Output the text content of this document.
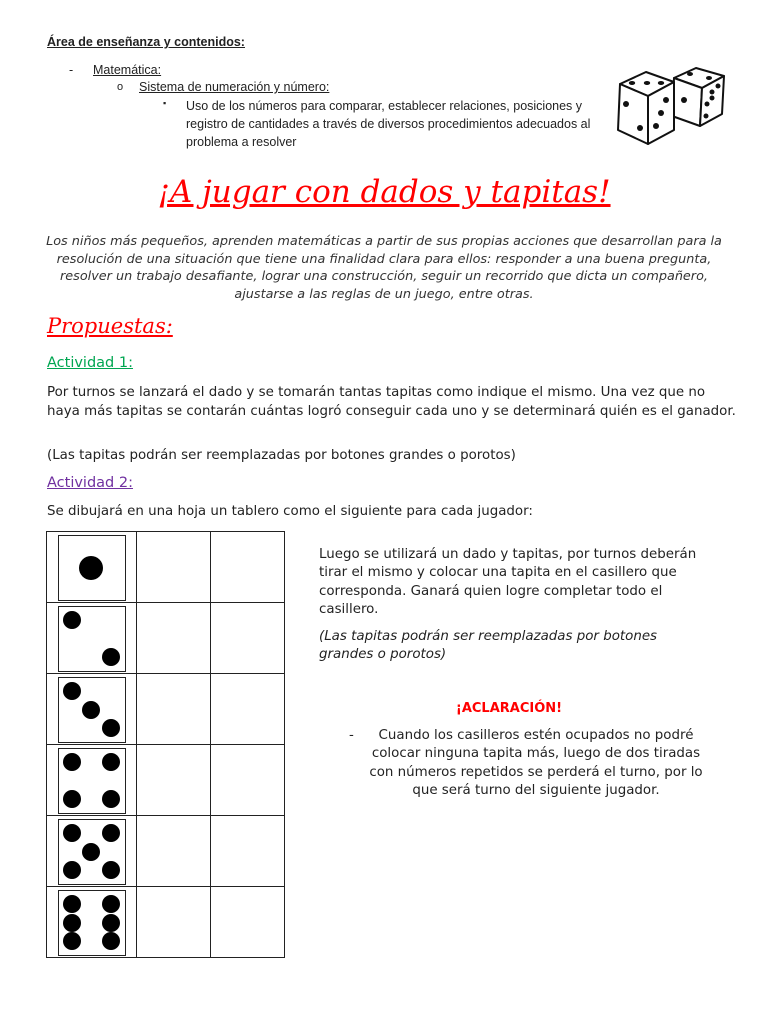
Área de enseñanza y contenidos:
- Matemática:
o Sistema de numeración y número:
▪ Uso de los números para comparar, establecer relaciones, posiciones y registro de cantidades a través de diversos procedimientos adecuados al problema a resolver
¡A jugar con dados y tapitas!
Los niños más pequeños, aprenden matemáticas a partir de sus propias acciones que desarrollan para la resolución de una situación que tiene una finalidad clara para ellos: responder a una buena pregunta, resolver un trabajo desafiante, lograr una construcción, seguir un recorrido que dicta un compañero, ajustarse a las reglas de un juego, entre otras.
Propuestas:
Actividad 1:
Por turnos se lanzará el dado y se tomarán tantas tapitas como indique el mismo. Una vez que no haya más tapitas se contarán cuántas logró conseguir cada uno y se determinará quién es el ganador.
(Las tapitas podrán ser reemplazadas por botones grandes o porotos)
Actividad 2:
Se dibujará en una hoja un tablero como el siguiente para cada jugador:

Luego se utilizará un dado y tapitas, por turnos deberán tirar el mismo y colocar una tapita en el casillero que corresponda. Ganará quien logre completar todo el casillero.
(Las tapitas podrán ser reemplazadas por botones grandes o porotos)
¡ACLARACIÓN!
-	Cuando los casilleros estén ocupados no podré colocar ninguna tapita más, luego de dos tiradas con números repetidos se perderá el turno, por lo que será turno del siguiente jugador.
